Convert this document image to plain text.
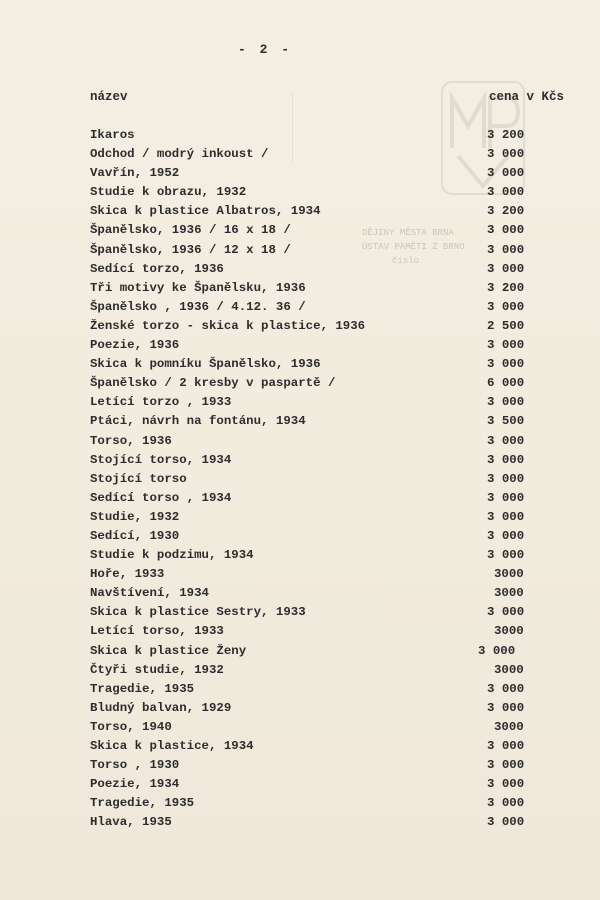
- 2 -
DĚJINY MĚSTA BRNA
ÚSTAV PAMĚTI Z BRNO
číslo
název	cena v Kčs
Ikaros	3 200
Odchod / modrý inkoust /	3 000
Vavřín, 1952	3 000
Studie k obrazu, 1932	3 000
Skica k plastice Albatros, 1934	3 200
Španělsko, 1936 / 16 x 18 /	3 000
Španělsko, 1936 / 12 x 18 /	3 000
Sedící torzo, 1936	3 000
Tři motivy ke Španělsku, 1936	3 200
Španělsko , 1936 / 4.12. 36 /	3 000
Ženské torzo - skica k plastice, 1936	2 500
Poezie, 1936	3 000
Skica k pomníku Španělsko, 1936	3 000
Španělsko / 2 kresby v paspartě /	6 000
Letící torzo , 1933	3 000
Ptáci, návrh na fontánu, 1934	3 500
Torso, 1936	3 000
Stojící torso, 1934	3 000
Stojící torso	3 000
Sedící torso , 1934	3 000
Studie, 1932	3 000
Sedící, 1930	3 000
Studie k podzimu, 1934	3 000
Hoře, 1933	3000
Navštívení, 1934	3000
Skica k plastice Sestry, 1933	3 000
Letící torso, 1933	3000
Skica k plastice Ženy	3 000
Čtyři studie, 1932	3000
Tragedie, 1935	3 000
Bludný balvan, 1929	3 000
Torso, 1940	3000
Skica k plastice, 1934	3 000
Torso , 1930	3 000
Poezie, 1934	3 000
Tragedie, 1935	3 000
Hlava, 1935	3 000
